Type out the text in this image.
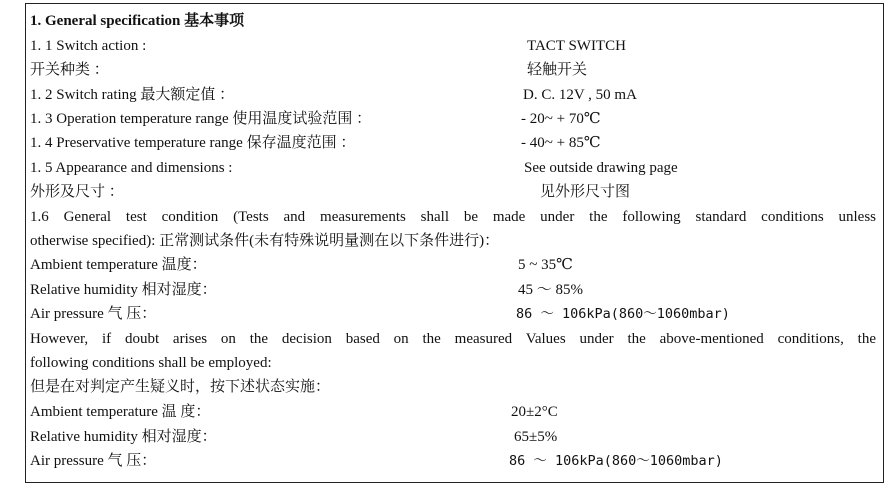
1. General specification 基本事项
1. 1 Switch action :	TACT SWITCH
开关种类 ：	轻触开关
1. 2 Switch rating 最大额定值 ：	D. C. 12V , 50 mA
1. 3 Operation temperature range 使用温度试验范围 ：	- 20~ + 70℃
1. 4 Preservative temperature range 保存温度范围 ：	- 40~ + 85℃
1. 5 Appearance and dimensions :	See outside drawing page
外形及尺寸 ：	见外形尺寸图
1.6 General test condition (Tests and measurements shall be made under the following standard conditions unless
otherwise specified): 正常测试条件(未有特殊说明量测在以下条件进行)：
Ambient temperature 温度：	5 ~ 35℃
Relative humidity 相对湿度：	45 ～ 85%
Air pressure 气 压：	86 ～ 106kPa(860～1060mbar)
However, if doubt arises on the decision based on the measured Values under the above-mentioned conditions, the
following conditions shall be employed:
但是在对判定产生疑义时，按下述状态实施：
Ambient temperature 温 度：	20±2°C
Relative humidity 相对湿度：	65±5%
Air pressure 气 压：	86 ～ 106kPa(860～1060mbar)
